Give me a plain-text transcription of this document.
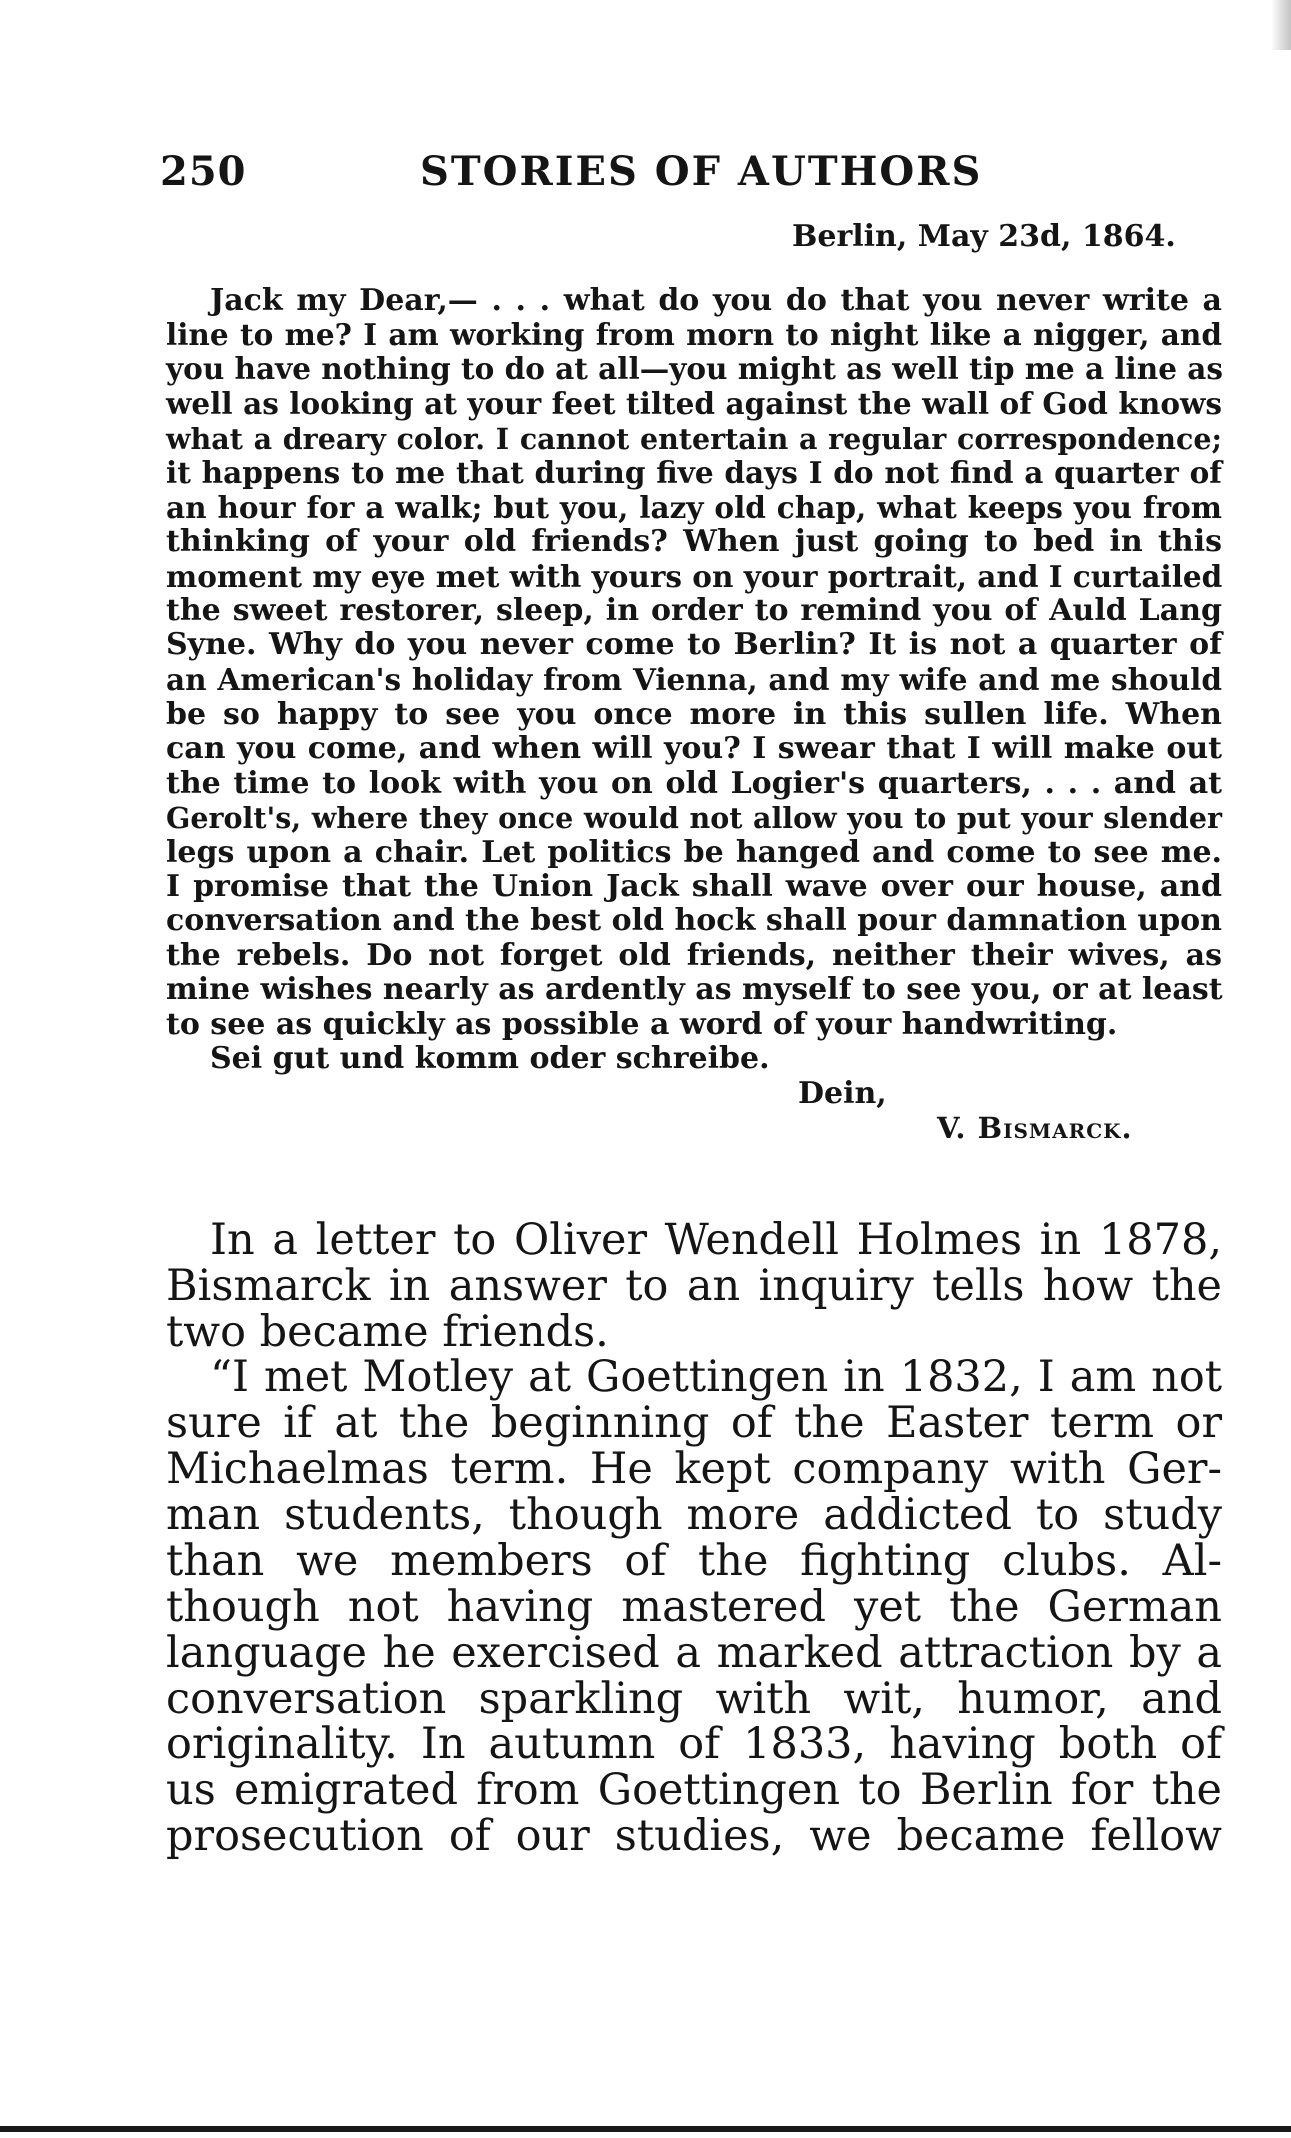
250	STORIES OF AUTHORS
Berlin, May 23d, 1864.
Jack my Dear,— . . . what do you do that you never write a
line to me? I am working from morn to night like a nigger, and
you have nothing to do at all—you might as well tip me a line as
well as looking at your feet tilted against the wall of God knows
what a dreary color. I cannot entertain a regular correspondence;
it happens to me that during five days I do not find a quarter of
an hour for a walk; but you, lazy old chap, what keeps you from
thinking of your old friends? When just going to bed in this
moment my eye met with yours on your portrait, and I curtailed
the sweet restorer, sleep, in order to remind you of Auld Lang
Syne. Why do you never come to Berlin? It is not a quarter of
an American's holiday from Vienna, and my wife and me should
be so happy to see you once more in this sullen life. When
can you come, and when will you? I swear that I will make out
the time to look with you on old Logier's quarters, . . . and at
Gerolt's, where they once would not allow you to put your slender
legs upon a chair. Let politics be hanged and come to see me.
I promise that the Union Jack shall wave over our house, and
conversation and the best old hock shall pour damnation upon
the rebels. Do not forget old friends, neither their wives, as
mine wishes nearly as ardently as myself to see you, or at least
to see as quickly as possible a word of your handwriting.
Sei gut und komm oder schreibe.
Dein,
V. Bismarck.
In a letter to Oliver Wendell Holmes in 1878,
Bismarck in answer to an inquiry tells how the
two became friends.
“I met Motley at Goettingen in 1832, I am not
sure if at the beginning of the Easter term or
Michaelmas term. He kept company with Ger-
man students, though more addicted to study
than we members of the fighting clubs. Al-
though not having mastered yet the German
language he exercised a marked attraction by a
conversation sparkling with wit, humor, and
originality. In autumn of 1833, having both of
us emigrated from Goettingen to Berlin for the
prosecution of our studies, we became fellow
